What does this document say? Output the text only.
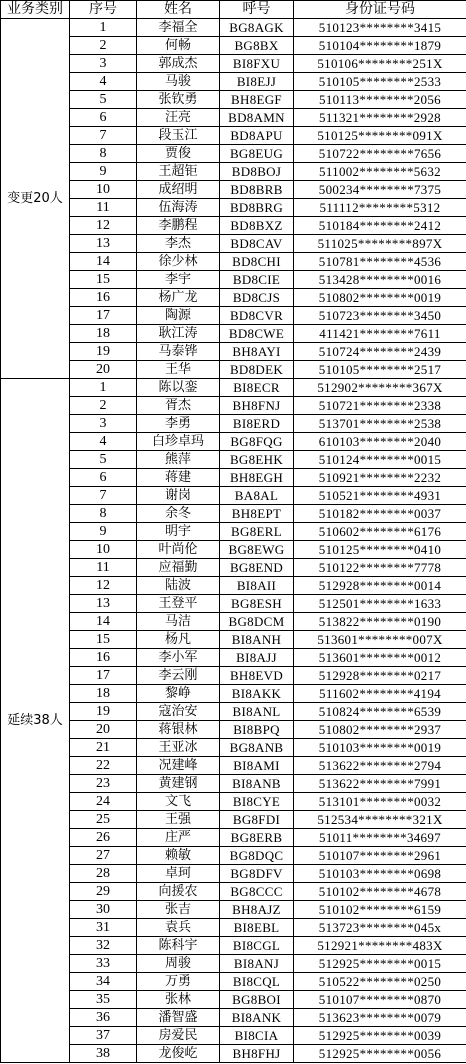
业务类别	序号	姓名	呼号	身份证号码
变更20人	1	李福全	BG8AGK	510123********3415
	2	何畅	BG8BX	510104********1879
	3	郭成杰	BI8FXU	510106********251X
	4	马骏	BI8EJJ	510105********2533
	5	张钦勇	BH8EGF	510113********2056
	6	汪亮	BD8AMN	511321********2928
	7	段玉江	BD8APU	510125********091X
	8	贾俊	BG8EUG	510722********7656
	9	王超钜	BD8BOJ	511002********5632
	10	成绍明	BD8BRB	500234********7375
	11	伍海涛	BD8BRG	511112********5312
	12	李鹏程	BD8BXZ	510184********2412
	13	李杰	BD8CAV	511025********897X
	14	徐少林	BD8CHI	510781********4536
	15	李宇	BD8CIE	513428********0016
	16	杨广龙	BD8CJS	510802********0019
	17	陶源	BD8CVR	510723********3450
	18	耿江涛	BD8CWE	411421********7611
	19	马泰铧	BH8AYI	510724********2439
	20	王华	BD8DEK	510105********2517
延续38人	1	陈以銮	BI8ECR	512902********367X
	2	胥杰	BH8FNJ	510721********2338
	3	李勇	BI8ERD	513701********2538
	4	白珍卓玛	BG8FQG	610103********2040
	5	熊萍	BG8EHK	510124********0015
	6	蒋建	BH8EGH	510921********2232
	7	谢岗	BA8AL	510521********4931
	8	余冬	BH8EPT	510182********0037
	9	明宇	BG8ERL	510602********6176
	10	叶尚伦	BG8EWG	510125********0410
	11	应福勤	BG8END	510122********7778
	12	陆波	BI8AII	512928********0014
	13	王登平	BG8ESH	512501********1633
	14	马洁	BG8DCM	513822********0190
	15	杨凡	BI8ANH	513601********007X
	16	李小军	BI8AJJ	513601********0012
	17	李云刚	BH8EVD	512928********0217
	18	黎峥	BI8AKK	511602********4194
	19	寇治安	BI8ANL	510824********6539
	20	蒋银林	BI8BPQ	510802********2937
	21	王亚冰	BG8ANB	510103********0019
	22	况建峰	BI8AMI	513622********2794
	23	黄建钢	BI8ANB	513622********7991
	24	文飞	BI8CYE	513101********0032
	25	王强	BG8FDI	512534********321X
	26	庄严	BG8ERB	51011********34697
	27	赖敏	BG8DQC	510107********2961
	28	卓珂	BG8DFV	510103********0698
	29	向援农	BG8CCC	510102********4678
	30	张吉	BH8AJZ	510102********6159
	31	袁兵	BI8EBL	513723********045x
	32	陈科宇	BI8CGL	512921********483X
	33	周骏	BI8ANJ	512925********0015
	34	万勇	BI8CQL	510522********0250
	35	张林	BG8BOI	510107********0870
	36	潘智盛	BI8ANK	513623********0079
	37	房爱民	BI8CIA	512925********0039
	38	龙俊屹	BH8FHJ	512925********0056
